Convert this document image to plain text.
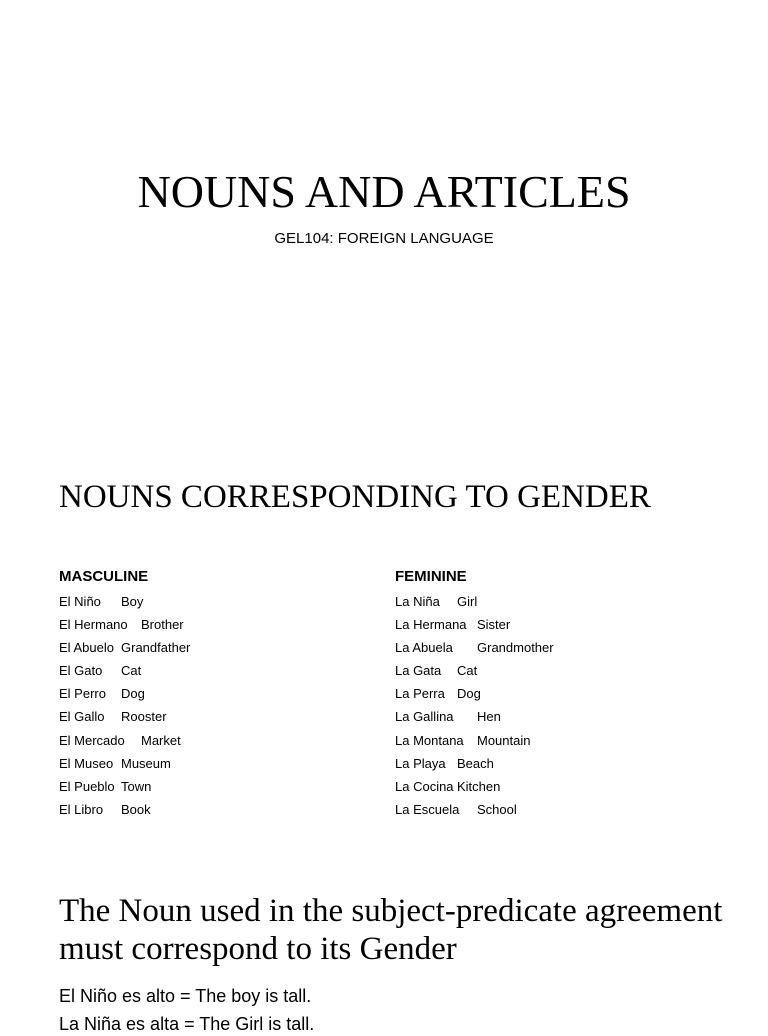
NOUNS AND ARTICLES
GEL104: FOREIGN LANGUAGE
NOUNS CORRESPONDING TO GENDER
MASCULINE
El Niño	Boy
El Hermano	Brother
El Abuelo Grandfather
El Gato	Cat
El Perro	Dog
El Gallo	Rooster
El Mercado	Market
El Museo Museum
El Pueblo Town
El Libro	Book
FEMININE
La Niña	Girl
La Hermana Sister
La Abuela	Grandmother
La Gata	Cat
La Perra Dog
La Gallina	Hen
La Montana	Mountain
La Playa Beach
La Cocina Kitchen
La Escuela	School
The Noun used in the subject-predicate agreement must correspond to its Gender
El Niño es alto = The boy is tall.
La Niña es alta = The Girl is tall.
